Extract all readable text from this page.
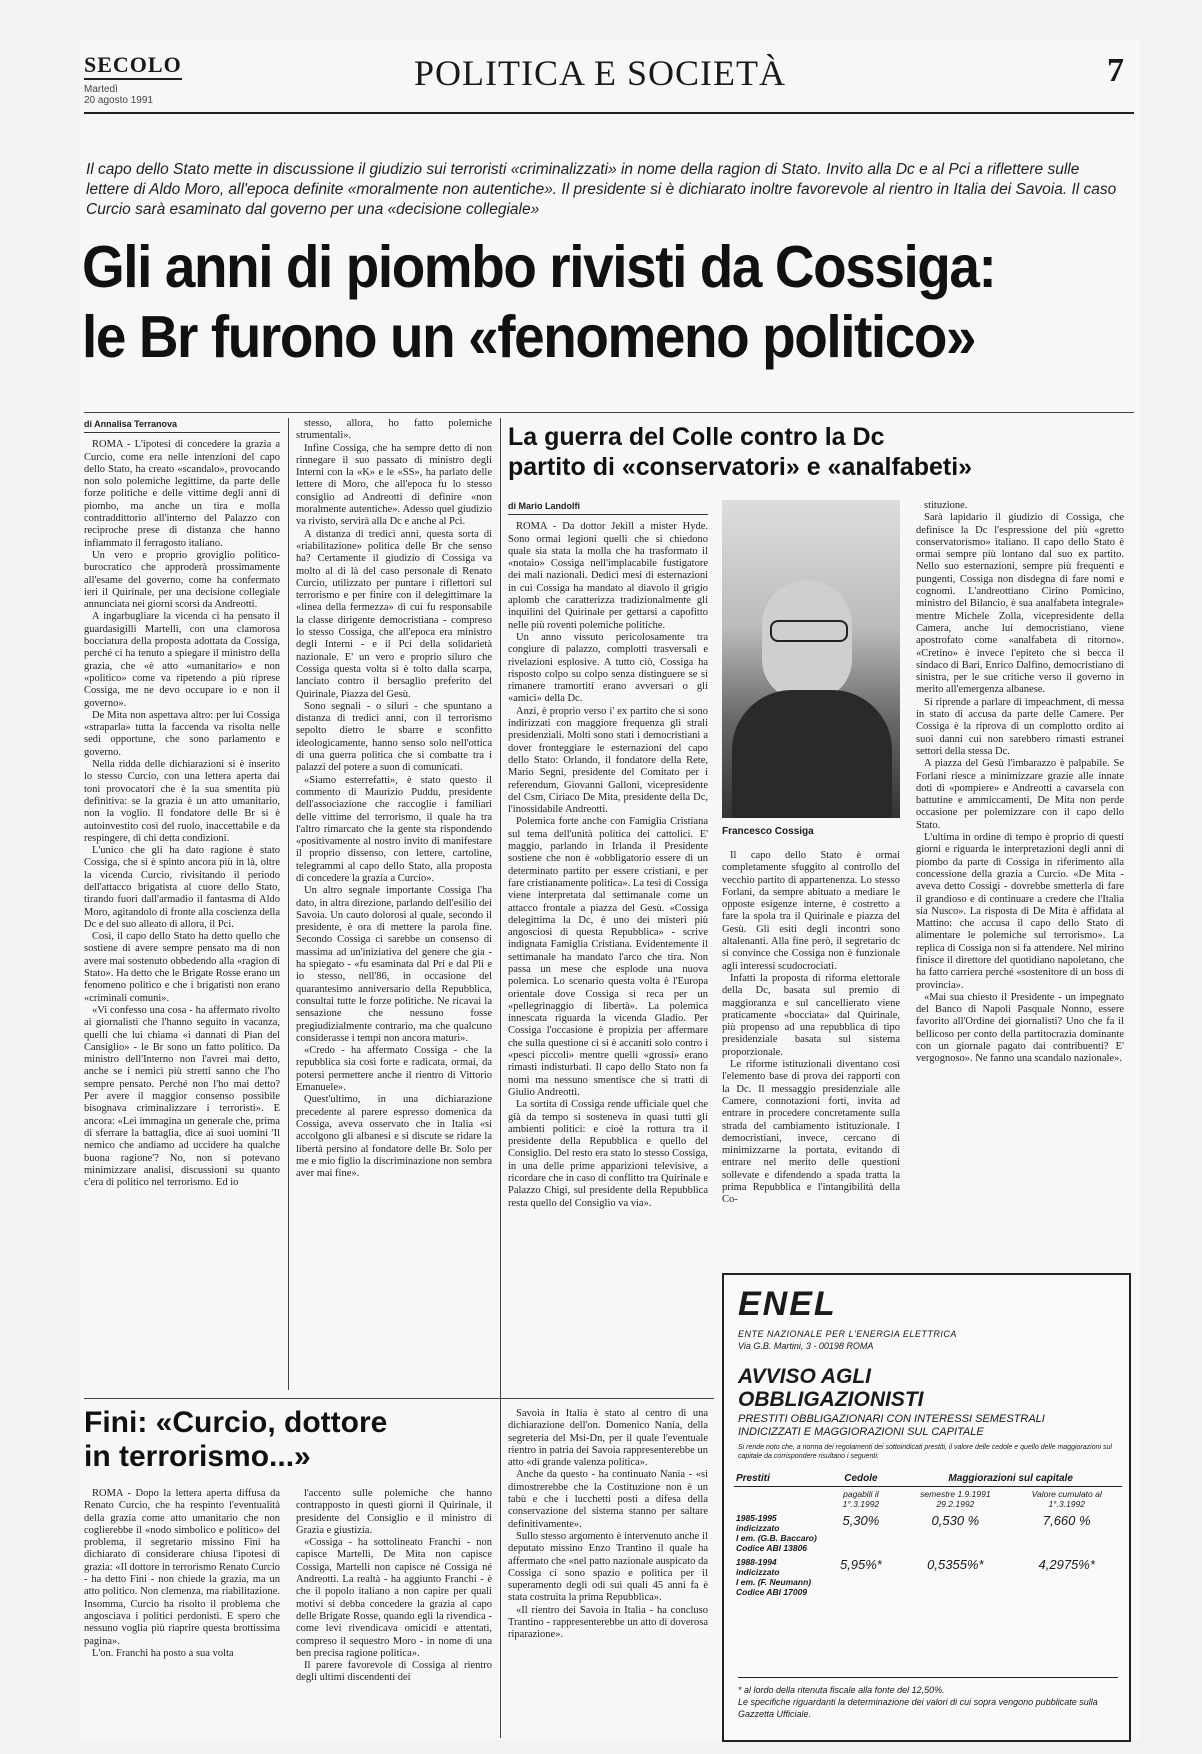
SECOLO
Martedì
20 agosto 1991
POLITICA E SOCIETÀ	7
Il capo dello Stato mette in discussione il giudizio sui terroristi «criminalizzati» in nome della ragion di Stato. Invito alla Dc e al Pci a riflettere sulle lettere di Aldo Moro, all'epoca definite «moralmente non autentiche». Il presidente si è dichiarato inoltre favorevole al rientro in Italia dei Savoia. Il caso Curcio sarà esaminato dal governo per una «decisione collegiale»
Gli anni di piombo rivisti da Cossiga:
le Br furono un «fenomeno politico»
di Annalisa Terranova

ROMA - L'ipotesi di concedere la grazia a Curcio, come era nelle intenzioni del capo dello Stato, ha creato «scandalo», provocando non solo polemiche legittime, da parte delle forze politiche e delle vittime degli anni di piombo, ma anche un tira e molla contraddittorio all'interno del Palazzo con reciproche prese di distanza che hanno infiammato il ferragosto italiano.

Un vero e proprio groviglio politico-burocratico che approderà prossimamente all'esame del governo, come ha confermato ieri il Quirinale, per una decisione collegiale annunciata nei giorni scorsi da Andreotti.

A ingarbugliare la vicenda ci ha pensato il guardasigilli Martelli, con una clamorosa bocciatura della proposta adottata da Cossiga, perché ci ha tenuto a spiegare il ministro della grazia, che «è atto «umanitario» e non «politico» come va ripetendo a più riprese Cossiga, me ne devo occupare io e non il governo».

De Mita non aspettava altro: per lui Cossiga «straparla» tutta la faccenda va risolta nelle sedi opportune, che sono parlamento e governo.

Nella ridda delle dichiarazioni si è inserito lo stesso Curcio, con una lettera aperta dai toni provocatori che è la sua smentita più definitiva: se la grazia è un atto umanitario, non la voglio. Il fondatore delle Br si è autoinvestito così del ruolo, inaccettabile e da respingere, di chi detta condizioni.

L'unico che gli ha dato ragione è stato Cossiga, che si è spinto ancora più in là, oltre la vicenda Curcio, rivisitando il periodo dell'attacco brigatista al cuore dello Stato, tirando fuori dall'armadio il fantasma di Aldo Moro, agitandolo di fronte alla coscienza della Dc e del suo alleato di allora, il Pci.

Così, il capo dello Stato ha detto quello che sostiene di avere sempre pensato ma di non avere mai sostenuto obbedendo alla «ragion di Stato». Ha detto che le Brigate Rosse erano un fenomeno politico e che i brigatisti non erano «criminali comuni».

«Vi confesso una cosa - ha affermato rivolto ai giornalisti che l'hanno seguito in vacanza, quelli che lui chiama «i dannati di Pian del Cansiglio» - le Br sono un fatto politico. Da ministro dell'Interno non l'avrei mai detto, anche se i nemici più stretti sanno che l'ho sempre pensato. Perché non l'ho mai detto? Per avere il maggior consenso possibile bisognava criminalizzare i terroristi». E ancora: «Lei immagina un generale che, prima di sferrare la battaglia, dice ai suoi uomini 'Il nemico che andiamo ad uccidere ha qualche buona ragione'? No, non si potevano minimizzare analisi, discussioni su quanto c'era di politico nel terrorismo. Ed io

stesso, allora, ho fatto polemiche strumentali».

Infine Cossiga, che ha sempre detto di non rinnegare il suo passato di ministro degli Interni con la «K» e le «SS», ha parlato delle lettere di Moro, che all'epoca fu lo stesso consiglio ad Andreotti di definire «non moralmente autentiche». Adesso quel giudizio va rivisto, servirà alla Dc e anche al Pci.

A distanza di tredici anni, questa sorta di «riabilitazione» politica delle Br che senso ha? Certamente il giudizio di Cossiga va molto al di là del caso personale di Renato Curcio, utilizzato per puntare i riflettori sul terrorismo e per finire con il delegittimare la «linea della fermezza» di cui fu responsabile la classe dirigente democristiana - compreso lo stesso Cossiga, che all'epoca era ministro degli Interni - e il Pci della solidarietà nazionale. E' un vero e proprio siluro che Cossiga questa volta si è tolto dalla scarpa, lanciato contro il bersaglio preferito del Quirinale, Piazza del Gesù.

Sono segnali - o siluri - che spuntano a distanza di tredici anni, con il terrorismo sepolto dietro le sbarre e sconfitto ideologicamente, hanno senso solo nell'ottica di una guerra politica che si combatte tra i palazzi del potere a suon di comunicati.

«Siamo esterrefatti», è stato questo il commento di Maurizio Puddu, presidente dell'associazione che raccoglie i familiari delle vittime del terrorismo, il quale ha tra l'altro rimarcato che la gente sta rispondendo «positivamente al nostro invito di manifestare il proprio dissenso, con lettere, cartoline, telegrammi al capo dello Stato, alla proposta di concedere la grazia a Curcio».

Un altro segnale importante Cossiga l'ha dato, in altra direzione, parlando dell'esilio dei Savoia. Un cauto dolorosi al quale, secondo il presidente, è ora di mettere la parola fine. Secondo Cossiga ci sarebbe un consenso di massima ad un'iniziativa del genere che gia - ha spiegato - «fu esaminata dal Pri e dal Pli e io stesso, nell'86, in occasione del quarantesimo anniversario della Repubblica, consultai tutte le forze politiche. Ne ricavai la sensazione che nessuno fosse pregiudizialmente contrario, ma che qualcuno considerasse i tempi non ancora maturi».

«Credo - ha affermato Cossiga - che la repubblica sia così forte e radicata, ormai, da potersi permettere anche il rientro di Vittorio Emanuele».

Quest'ultimo, in una dichiarazione precedente al parere espresso domenica da Cossiga, aveva osservato che in Italia «si accolgono gli albanesi e si discute se ridare la libertà persino al fondatore delle Br. Solo per me e mio figlio la discriminazione non sembra aver mai fine».

La guerra del Colle contro la Dc
partito di «conservatori» e «analfabeti»
di Mario Landolfi

ROMA - Da dottor Jekill a mister Hyde. Sono ormai legioni quelli che si chiedono quale sia stata la molla che ha trasformato il «notaio» Cossiga nell'implacabile fustigatore dei mali nazionali. Dedicì mesi di esternazioni in cui Cossiga ha mandato al diavolo il grigio aplomb che caratterizza tradizionalmente gli inquilini del Quirinale per gettarsi a capofitto nelle più roventi polemiche politiche.

Un anno vissuto pericolosamente tra congiure di palazzo, complotti trasversali e rivelazioni esplosive. A tutto ciò, Cossiga ha risposto colpo su colpo senza distinguere se si rimanere tramortiti erano avversari o gli «amici» della Dc.

Anzi, è proprio verso i' ex partito che si sono indirizzati con maggiore frequenza gli strali presidenziali. Molti sono stati i democristiani a dover fronteggiare le esternazioni del capo dello Stato: Orlando, il fondatore della Rete, Mario Segni, presidente del Comitato per i referendum, Giovanni Galloni, vicepresidente del Csm, Ciriaco De Mita, presidente della Dc, l'inossidabile Andreotti.

Polemica forte anche con Famiglia Cristiana sul tema dell'unità politica dei cattolici. E' maggio, parlando in Irlanda il Presidente sostiene che non è «obbligatorio essere di un determinato partito per essere cristiani, e per fare cristianamente politica». La tesi di Cossiga viene interpretata dal settimanale come un attacco frontale a piazza del Gesù. «Cossiga delegittima la Dc, è uno dei misteri più angosciosi di questa Repubblica» - scrive indignata Famiglia Cristiana. Evidentemente il settimanale ha mandato l'arco che tira. Non passa un mese che esplode una nuova polemica. Lo scenario questa volta è l'Europa orientale dove Cossiga si reca per un «pellegrinaggio di libertà». La polemica innescata riguarda la vicenda Gladio. Per Cossiga l'occasione è propizia per affermare che sulla questione ci si è accaniti solo contro i «pesci piccoli» mentre quelli «grossi» erano rimasti indisturbati. Il capo dello Stato non fa nomi ma nessuno smentisce che si tratti di Giulio Andreotti.

La sortita di Cossiga rende ufficiale quel che già da tempo si sosteneva in quasi tutti gli ambienti politici: e cioè la rottura tra il presidente della Repubblica e quello del Consiglio. Del resto era stato lo stesso Cossiga, in una delle prime apparizioni televisive, a ricordare che in caso di conflitto tra Quirinale e Palazzo Chigi, sul presidente della Repubblica resta quello del Consiglio va via».

Francesco Cossiga

Il capo dello Stato è ormai completamente sfuggito al controllo del vecchio partito di appartenenza. Lo stesso Forlani, da sempre abituato a mediare le opposte esigenze interne, è costretto a fare la spola tra il Quirinale e piazza del Gesù. Gli esiti degli incontri sono altalenanti. Alla fine però, il segretario dc si convince che Cossiga non è funzionale agli interessi scudocrociati.

Infatti la proposta di riforma elettorale della Dc, basata sul premio di maggioranza e sul cancellierato viene praticamente «bocciata» dal Quirinale, più propenso ad una repubblica di tipo presidenziale basata sul sistema proporzionale.

Le riforme istituzionali diventano così l'elemento base di prova dei rapporti con la Dc. Il messaggio presidenziale alle Camere, connotazioni forti, invita ad entrare in procedere concretamente sulla strada del cambiamento istituzionale. I democristiani, invece, cercano di minimizzarne la portata, evitando di entrare nel merito delle questioni sollevate e difendendo a spada tratta la prima Repubblica e l'intangibilità della Co-

stituzione.

Sarà lapidario il giudizio di Cossiga, che definisce la Dc l'espressione del più «gretto conservatorismo» italiano. Il capo dello Stato è ormai sempre più lontano dal suo ex partito. Nello suo esternazioni, sempre più frequenti e pungenti, Cossiga non disdegna di fare nomi e cognomi. L'andreottiano Cirino Pomicino, ministro del Bilancio, è sua analfabeta integrale» mentre Michele Zolla, vicepresidente della Camera, anche lui democristiano, viene apostrofato come «analfabeta di ritorno». «Cretino» è invece l'epiteto che si becca il sindaco di Bari, Enrico Dalfino, democristiano di sinistra, per le sue critiche verso il governo in merito all'emergenza albanese.

Si riprende a parlare di impeachment, di messa in stato di accusa da parte delle Camere. Per Cossiga è la riprova di un complotto ordito ai suoi danni cui non sarebbero rimasti estranei settori della stessa Dc.

A piazza del Gesù l'imbarazzo è palpabile. Se Forlani riesce a minimizzare grazie alle innate doti di «pompiere» e Andreotti a cavarsela con battutine e ammiccamenti, De Mita non perde occasione per polemizzare con il capo dello Stato.

L'ultima in ordine di tempo è proprio di questi giorni e riguarda le interpretazioni degli anni di piombo da parte di Cossiga in riferimento alla concessione della grazia a Curcio. «De Mita - aveva detto Cossigi - dovrebbe smetterla di fare il grandioso e di continuare a credere che l'Italia sia Nusco». La risposta di De Mita è affidata al Mattino: che accusa il capo dello Stato di alimentare le polemiche sul terrorismo». La replica di Cossiga non si fa attendere. Nel mirino finisce il direttore del quotidiano napoletano, che ha fatto carriera perché «sostenitore di un boss di provincia».

«Mai sua chiesto il Presidente - un impegnato del Banco di Napoli Pasquale Nonno, essere favorito all'Ordine dei giornalisti? Uno che fa il bellicoso per conto della partitocrazia dominante con un giornale pagato dai contribuenti? E' vergognoso». Ne fanno una scandalo nazionale».

Fini: «Curcio, dottore
in terrorismo...»

ROMA - Dopo la lettera aperta diffusa da Renato Curcio, che ha respinto l'eventualità della grazia come atto umanitario che non coglierebbe il «nodo simbolico e politico» del problema, il segretario missino Fini ha dichiarato di considerare chiusa l'ipotesi di grazia: «Il dottore in terrorismo Renato Curcio - ha detto Fini - non chiede la grazia, ma un atto politico. Non clemenza, ma riabilitazione. Insomma, Curcio ha risolto il problema che angosciava i politici perdonisti. E spero che nessuno voglia più riaprire questa brottissima pagina».

L'on. Franchi ha posto a sua volta

l'accento sulle polemiche che hanno contrapposto in questi giorni il Quirinale, il presidente del Consiglio e il ministro di Grazia e giustizia.

«Cossiga - ha sottolineato Franchi - non capisce Martelli, De Mita non capisce Cossiga, Martelli non capisce né Cossiga né Andreotti. La realtà - ha aggiunto Franchi - è che il popolo italiano a non capire per quali motivi si debba concedere la grazia al capo delle Brigate Rosse, quando egli la rivendica - come levi rivendicava omicidi e attentati, compreso il sequestro Moro - in nome di una ben precisa ragione politica».

Il parere favorevole di Cossiga al rientro degli ultimi discendenti dei

Savoia in Italia è stato al centro di una dichiarazione dell'on. Domenico Nania, della segreteria del Msi-Dn, per il quale l'eventuale rientro in patria dei Savoia rappresenterebbe un atto «di grande valenza politica».

Anche da questo - ha continuato Nania - «si dimostrerebbe che la Costituzione non è un tabù e che i lucchetti posti a difesa della conservazione del sistema stanno per saltare definitivamente».

Sullo stesso argomento è intervenuto anche il deputato missino Enzo Trantino il quale ha affermato che «nel patto nazionale auspicato da Cossiga ci sono spazio e politica per il superamento degli odi sui quali 45 anni fa è stata costruita la prima Repubblica».

«Il rientro dei Savoia in Italia - ha concluso Trantino - rappresenterebbe un atto di doverosa riparazione».

ENEL
ENTE NAZIONALE PER L'ENERGIA ELETTRICA
Via G.B. Martini, 3 - 00198 ROMA
AVVISO AGLI
OBBLIGAZIONISTI
PRESTITI OBBLIGAZIONARI CON INTERESSI SEMESTRALI
INDICIZZATI E MAGGIORAZIONI SUL CAPITALE
Si rende noto che, a norma dei regolamenti dei sottoindicati prestiti, il valore delle cedole e quello delle maggiorazioni sul capitale da corrispondere risultano i seguenti:
Prestiti	Cedole	Maggiorazioni sul capitale	
	pagabili il 1°.3.1992	semestre 1.9.1991 29.2.1992	Valore cumulato al 1°.3.1992

1985-1995 indicizzato
I em. (G.B. Baccaro)
Codice ABI 13806	5,30%	0,530 %	7,660 %

1988-1994 indicizzato
I em. (F. Neumann)
Codice ABI 17009	5,95%*	0,5355%*	4,2975%*
* al lordo della ritenuta fiscale alla fonte del 12,50%.
Le specifiche riguardanti la determinazione dei valori di cui sopra vengono pubblicate sulla Gazzetta Ufficiale.
